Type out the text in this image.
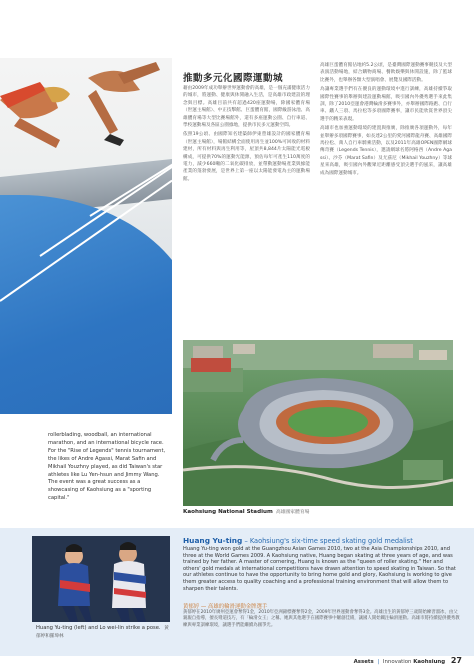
推動多元化國際運動城

藉由2009年成功舉辦世界運動會的高雄，是一個充滿健康活力的城市，將運動、健康與休閒融入生活，是高雄市政建設的理念與目標。高雄目前共有超過420座運動場，除國家體育場（世運主場館）、中正技擊館、巨蛋體育館，國際級游泳池、高雄體育場等大型比賽場館外，還有多座運動公園、自行車道、學校運動場及各區公園綠地，提供市民多元運動空間。

依照19公頃、由國際知名建築師伊東豊雄設計的國家體育場（世運主場館），場館結構全面使用再生並100%可回收的材料建材，所有材料與再生利用等，屋頂共8,844片太陽能光電板構成，可提供70%的運動光能源，預估每年可產生110萬度的電力，減少660噸的二氧化碳排放，並帶動運動場產業與綠能產業的蓬勃發展，是世界上第一座以太陽能發電為主的運動場館。

高雄巨蛋體育館佔地約5.2公頃，是臺灣國際運動賽事競技及大型表演活動場地，結合購物商場、餐飲娛樂與休閒設施，除了籃球比賽外，也舉辦各類大型演唱會、展覽及國際活動。

為讓專業選手們有在優良的運動環境中進行訓練，高雄持續爭取國際性賽事的舉辦與建設運動場館，吸引國內外優秀選手來此集訓，除了2010亞運會港灣輪滑多賽事外，亦舉辦國際路跑、自行車、鐵人三項、馬拉松等多項國際賽事，讓市民能欣賞世界頂尖選手的精采表現。

高雄市也加強運動環境的建置與推廣，除推廣各項運動外，每年並舉辦多項國際賽事，如長達2公里的愛河國際龍舟賽、高雄國際馬拉松、萬人自行車騎乘活動，以及2011年高雄OPEN國際網球傳奇賽（Legends Tennis），邀請網球名將阿格西（Andre Agassi）、沙芬（Marat Safin）及尤茲尼（Mikhail Youzhny）等球星來高雄，吸引國內外觀眾近距離感受頂尖選手的風采，讓高雄成為國際運動城市。

Kaohsiung National Stadium 高雄國家體育場
rollerblading, woodball, an international marathon, and an international bicycle race. For the "Rise of Legends" tennis tournament, the likes of Andre Agassi, Marat Safin and Mikhail Youzhny played, as did Taiwan's star athletes like Lu Yen-hsun and Jimmy Wang. The event was a great success as a showcasing of Kaohsiung as a "sporting capital."
Huang Yu-ting (left) and Lo wei-lin strike a pose. 黃郁婷和羅瑋林
Huang Yu-ting – Kaohsiung's six-time speed skating gold medalist
Huang Yu-ting won gold at the Guangzhou Asian Games 2010, two at the Asia Championships 2010, and three at the World Games 2009. A Kaohsiung native, Huang began skating at three years of age, and was trained by her father. A master of cornering, Huang is known as the "queen of roller skating." Her and others' gold medals at international competitions have drawn attention to speed skating in Taiwan. So that our athletes continue to have the opportunity to bring home gold and glory, Kaohsiung is working to give them greater access to quality coaching and a professional training environment that will allow them to sharpen their talents.
黃郁婷 — 高雄的輪滑運動金牌選手
黃郁婷在2010年廣州亞運會奪得1金，2010年亞洲錦標賽奪得2金，2009年世界運動會奪得3金。高雄出生的黃郁婷三歲開始練習溜冰，由父親親自指導，擅長彎道技巧，有「輪滑女王」之稱。她與其他選手在國際賽事中屢創佳績，讓國人開始關注輪滑運動。高雄市將持續提供優秀教練與專業訓練環境，讓選手們能繼續為國爭光。
Assets | Innovation Kaohsiung 27
